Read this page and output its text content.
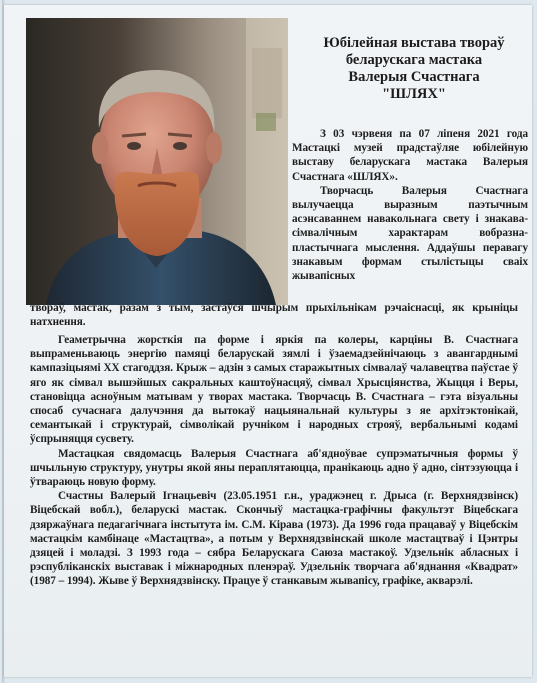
Юбілейная выстава твораў
беларускага мастака
Валерыя Счастнага
"ШЛЯХ"

З 03 чэрвеня па 07 ліпеня 2021 года Мастацкі музей прадстаўляе юбілейную выставу беларускага мастака Валерыя Счастнага «ШЛЯХ».

Творчасць Валерыя Счастнага вылучаецца выразным паэтычным асэнсаваннем навакольнага свету і знакава-сімвалічным характарам вобразна-пластычнага мыслення. Аддаўшы перавагу знакавым формам стылістыцы сваіх жывапісных

твораў, мастак, разам з тым, застаўся шчырым прыхільнікам рэчаіснасці, як крыніцы натхнення.

Геаметрычна жорсткія па форме і яркія па колеры, карціны В. Счастнага выпраменьваюць энергію памяці беларускай зямлі і ўзаемадзейнічаюць з авангарднымі кампазіцыямі ХХ стагоддзя. Крыж – адзін з самых старажытных сімвалаў чалавецтва паўстае ў яго як сімвал вышэйшых сакральных каштоўнасцяў, сімвал Хрысціянства, Жыцця і Веры, становіцца асноўным матывам у творах мастака. Творчасць В. Счастнага – гэта візуальны спосаб сучаснага далучэння да вытокаў нацыянальнай культуры з яе архітэктонікай, семантыкай і структурай, сімволікай ручніком і народных строяў, вербальнымі кодамі ўспрыняцця сусвету.

Мастацкая свядомасць Валерыя Счастнага аб'ядноўвае супрэматычныя формы ў шчыльную структуру, унутры якой яны пераплятаюцца, пранікаюць адно ў адно, сінтэзуюцца і ўтвараюць новую форму.

Счастны Валерый Ігнацьевіч (23.05.1951 г.н., ураджэнец г. Дрыса (г. Верхнядзвінск) Віцебскай вобл.), беларускі мастак. Скончыў мастацка-графічны факультэт Віцебскага дзяржаўнага педагагічнага інстытута ім. С.М. Кірава (1973). Да 1996 года працаваў у Віцебскім мастацкім камбінаце «Мастацтва», а потым у Верхнядзвінскай школе мастацтваў і Цэнтры дзяцей і моладзі. З 1993 года – сябра Беларускага Саюза мастакоў. Удзельнік абласных і рэспубліканскіх выставак і міжнародных пленэраў. Удзельнік творчага аб'яднання «Квадрат» (1987 – 1994). Жыве ў Верхнядзвінску. Працуе ў станкавым жывапісу, графіке, акварэлі.
